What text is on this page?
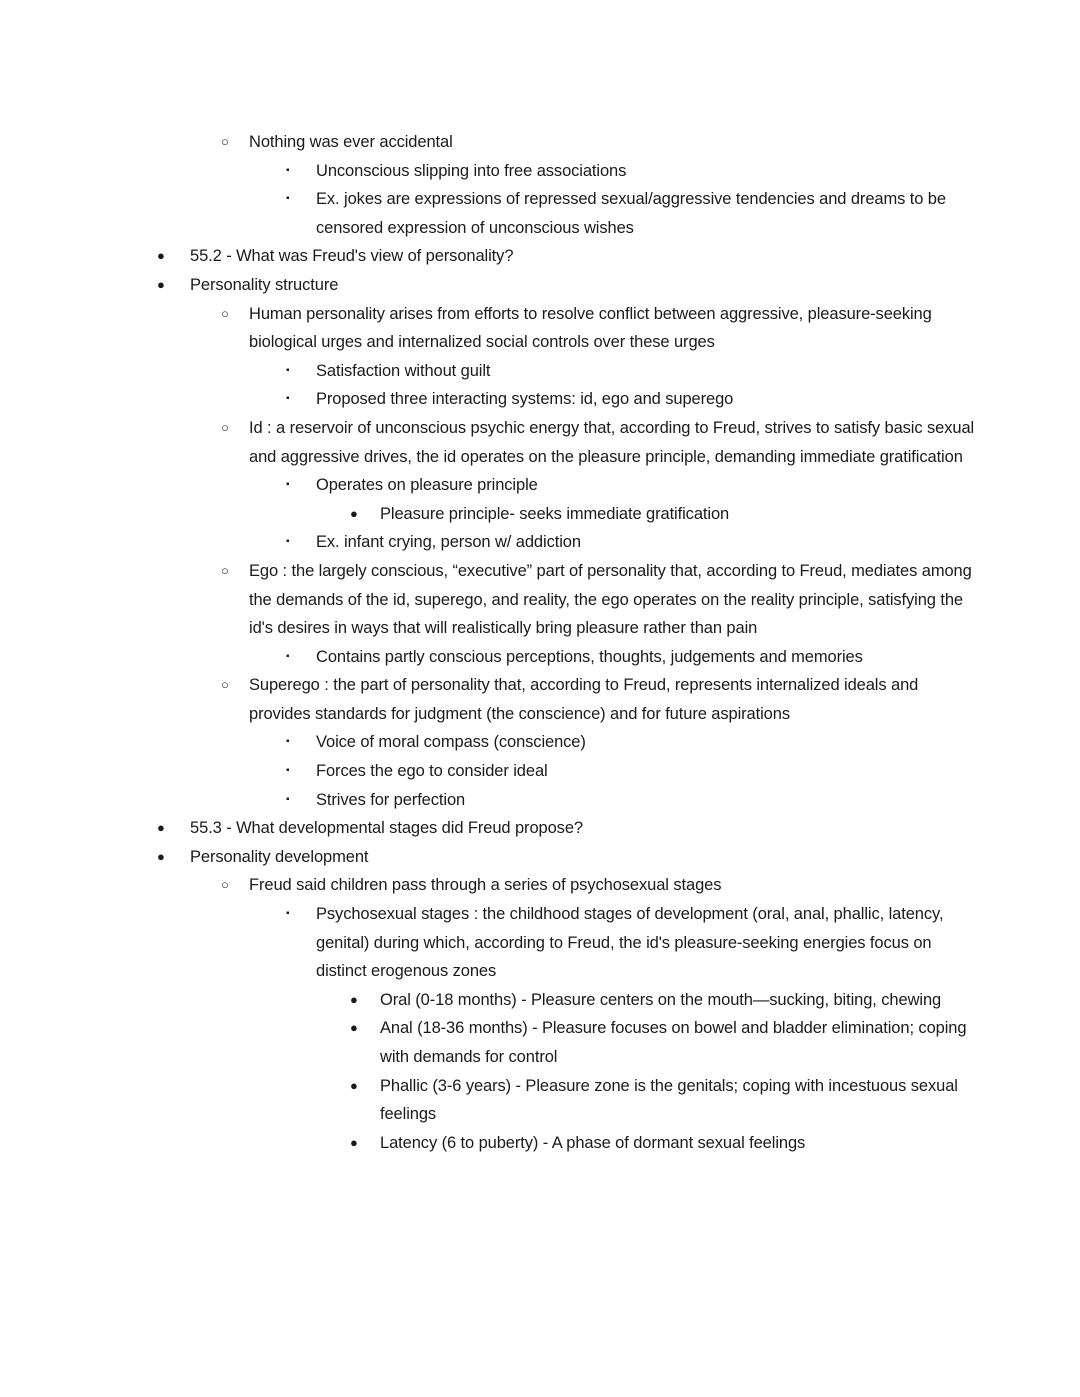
○	Nothing was ever accidental
▪	Unconscious slipping into free associations
▪	Ex. jokes are expressions of repressed sexual/aggressive tendencies and dreams to be censored expression of unconscious wishes
●	55.2 - What was Freud's view of personality?
●	Personality structure
○	Human personality arises from efforts to resolve conflict between aggressive, pleasure-seeking biological urges and internalized social controls over these urges
▪	Satisfaction without guilt
▪	Proposed three interacting systems: id, ego and superego
○	Id : a reservoir of unconscious psychic energy that, according to Freud, strives to satisfy basic sexual and aggressive drives, the id operates on the pleasure principle, demanding immediate gratification
▪	Operates on pleasure principle
●	Pleasure principle- seeks immediate gratification
▪	Ex. infant crying, person w/ addiction
○	Ego : the largely conscious, “executive” part of personality that, according to Freud, mediates among the demands of the id, superego, and reality, the ego operates on the reality principle, satisfying the id's desires in ways that will realistically bring pleasure rather than pain
▪	Contains partly conscious perceptions, thoughts, judgements and memories
○	Superego : the part of personality that, according to Freud, represents internalized ideals and provides standards for judgment (the conscience) and for future aspirations
▪	Voice of moral compass (conscience)
▪	Forces the ego to consider ideal
▪	Strives for perfection
●	55.3 - What developmental stages did Freud propose?
●	Personality development
○	Freud said children pass through a series of psychosexual stages
▪	Psychosexual stages : the childhood stages of development (oral, anal, phallic, latency, genital) during which, according to Freud, the id's pleasure-seeking energies focus on distinct erogenous zones
●	Oral (0-18 months) - Pleasure centers on the mouth—sucking, biting, chewing
●	Anal (18-36 months) - Pleasure focuses on bowel and bladder elimination; coping with demands for control
●	Phallic (3-6 years) - Pleasure zone is the genitals; coping with incestuous sexual feelings
●	Latency (6 to puberty) - A phase of dormant sexual feelings
